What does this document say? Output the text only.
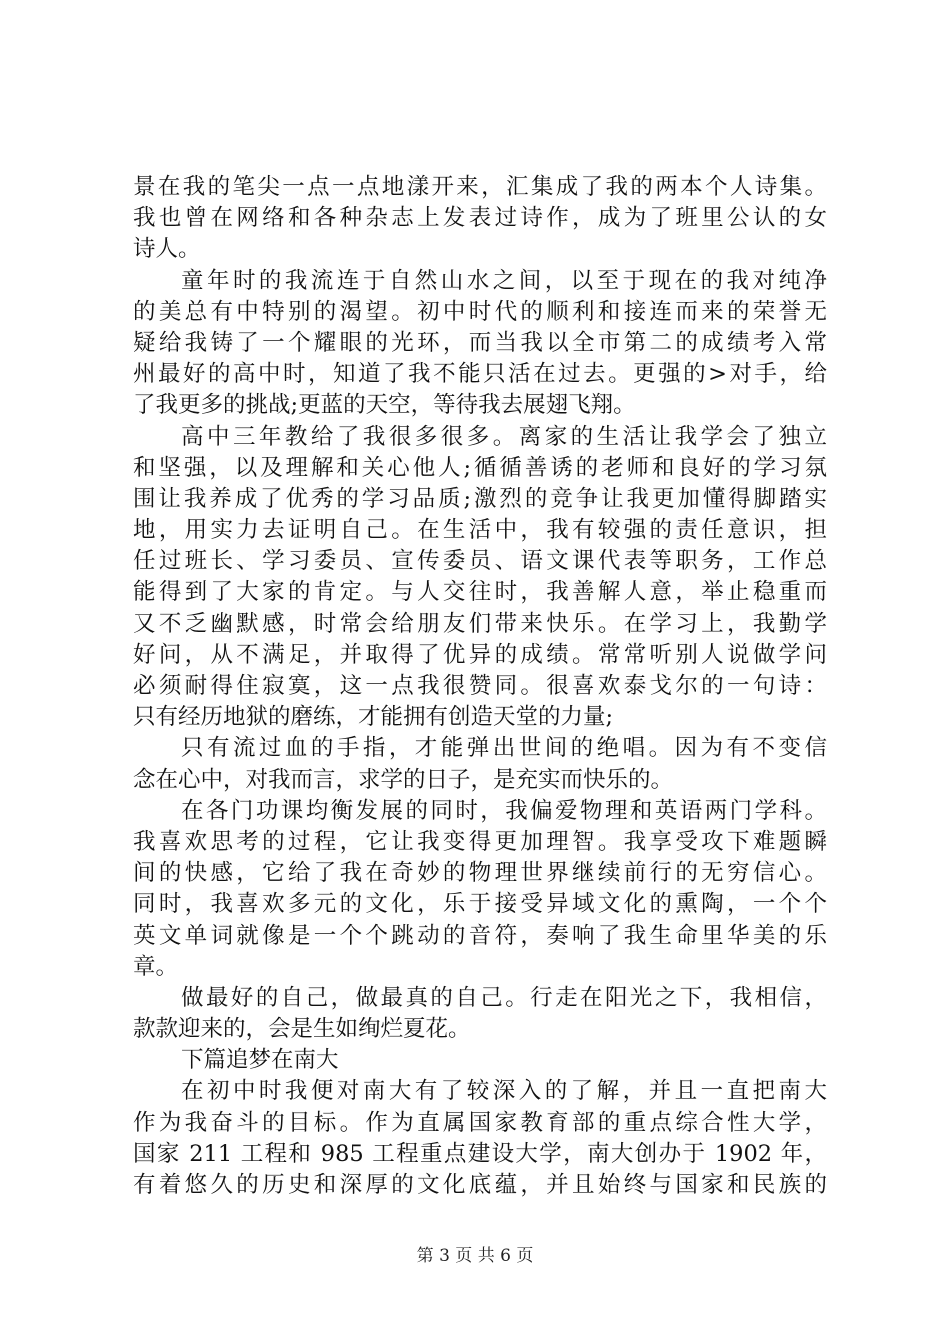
景在我的笔尖一点一点地漾开来，汇集成了我的两本个人诗集。
我也曾在网络和各种杂志上发表过诗作，成为了班里公认的女
诗人。
童年时的我流连于自然山水之间，以至于现在的我对纯净
的美总有中特别的渴望。初中时代的顺利和接连而来的荣誉无
疑给我铸了一个耀眼的光环，而当我以全市第二的成绩考入常
州最好的高中时，知道了我不能只活在过去。更强的>对手，给
了我更多的挑战;更蓝的天空，等待我去展翅飞翔。
高中三年教给了我很多很多。离家的生活让我学会了独立
和坚强，以及理解和关心他人;循循善诱的老师和良好的学习氛
围让我养成了优秀的学习品质;激烈的竞争让我更加懂得脚踏实
地，用实力去证明自己。在生活中，我有较强的责任意识，担
任过班长、学习委员、宣传委员、语文课代表等职务，工作总
能得到了大家的肯定。与人交往时，我善解人意，举止稳重而
又不乏幽默感，时常会给朋友们带来快乐。在学习上，我勤学
好问，从不满足，并取得了优异的成绩。常常听别人说做学问
必须耐得住寂寞，这一点我很赞同。很喜欢泰戈尔的一句诗：
只有经历地狱的磨练，才能拥有创造天堂的力量;
只有流过血的手指，才能弹出世间的绝唱。因为有不变信
念在心中，对我而言，求学的日子，是充实而快乐的。
在各门功课均衡发展的同时，我偏爱物理和英语两门学科。
我喜欢思考的过程，它让我变得更加理智。我享受攻下难题瞬
间的快感，它给了我在奇妙的物理世界继续前行的无穷信心。
同时，我喜欢多元的文化，乐于接受异域文化的熏陶，一个个
英文单词就像是一个个跳动的音符，奏响了我生命里华美的乐
章。
做最好的自己，做最真的自己。行走在阳光之下，我相信，
款款迎来的，会是生如绚烂夏花。
下篇追梦在南大
在初中时我便对南大有了较深入的了解，并且一直把南大
作为我奋斗的目标。作为直属国家教育部的重点综合性大学，
国家 211 工程和 985 工程重点建设大学，南大创办于 1902 年，
有着悠久的历史和深厚的文化底蕴，并且始终与国家和民族的
第 3 页 共 6 页
